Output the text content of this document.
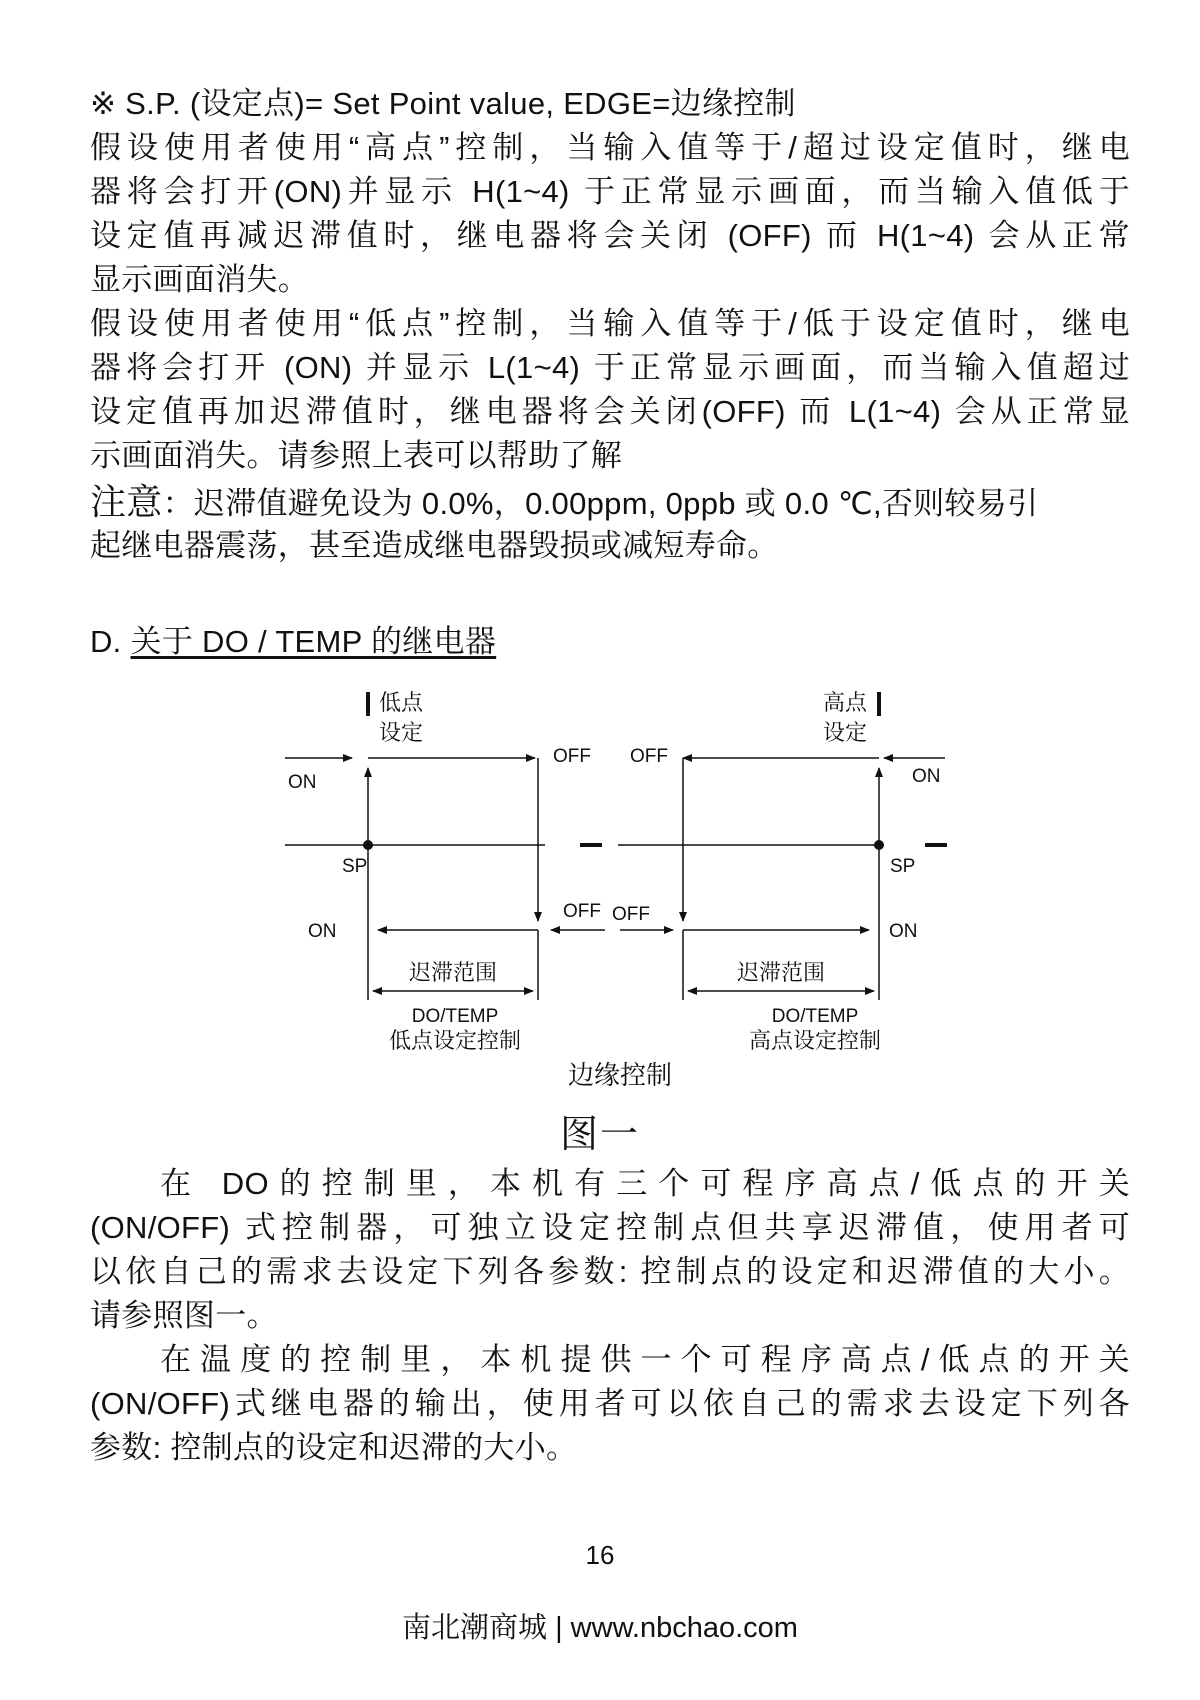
※ S.P. (设定点)= Set Point value, EDGE=边缘控制
假设使用者使用“高点”控制，当输入值等于/超过设定值时，继电
器将会打开(ON)并显示 H(1~4) 于正常显示画面，而当输入值低于
设定值再减迟滞值时，继电器将会关闭 (OFF) 而 H(1~4) 会从正常
显示画面消失。
假设使用者使用“低点”控制，当输入值等于/低于设定值时，继电
器将会打开 (ON) 并显示 L(1~4) 于正常显示画面，而当输入值超过
设定值再加迟滞值时，继电器将会关闭(OFF) 而 L(1~4) 会从正常显
示画面消失。请参照上表可以帮助了解
注意：迟滞值避免设为 0.0%，0.00ppm, 0ppb 或 0.0 ℃,否则较易引
起继电器震荡，甚至造成继电器毁损或减短寿命。
D. 关于 DO / TEMP 的继电器
低点
设定
ON
OFF
SP
ON
OFF
迟滞范围
DO/TEMP
低点设定控制
高点
设定
OFF
ON
SP
OFF
ON
迟滞范围
DO/TEMP
高点设定控制
边缘控制
图一
在 DO的控制里，本机有三个可程序高点/低点的开关
(ON/OFF) 式控制器，可独立设定控制点但共享迟滞值，使用者可
以依自己的需求去设定下列各参数: 控制点的设定和迟滞值的大小。
请参照图一。
在温度的控制里，本机提供一个可程序高点/低点的开关
(ON/OFF)式继电器的输出，使用者可以依自己的需求去设定下列各
参数: 控制点的设定和迟滞的大小。
16
南北潮商城 | www.nbchao.com
